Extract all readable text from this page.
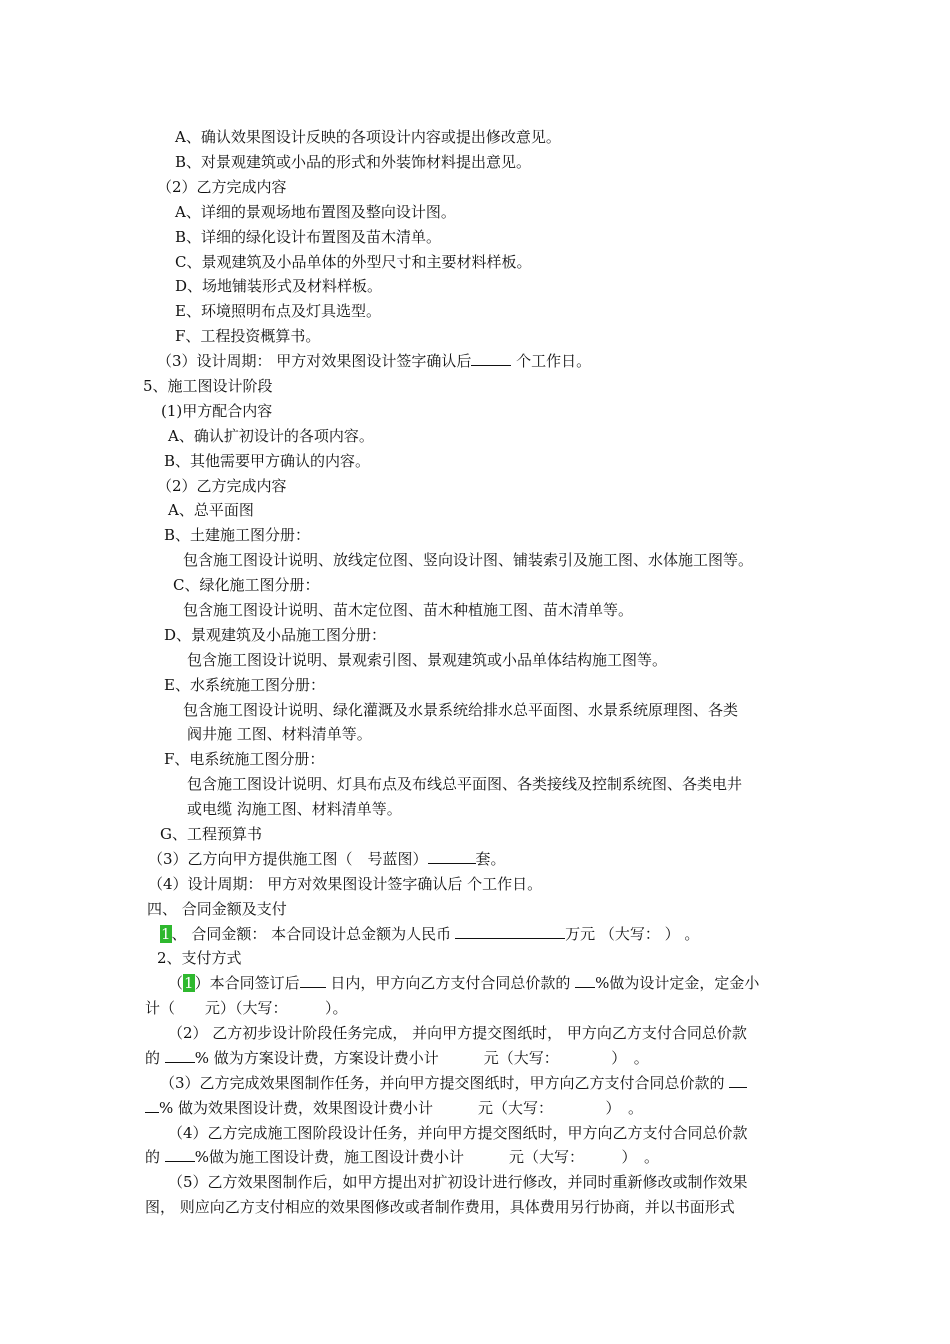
A、确认效果图设计反映的各项设计内容或提出修改意见。
B、对景观建筑或小品的形式和外装饰材料提出意见。
（2）乙方完成内容
A、详细的景观场地布置图及整向设计图。
B、详细的绿化设计布置图及苗木清单。
C、景观建筑及小品单体的外型尺寸和主要材料样板。
D、场地铺装形式及材料样板。
E、环境照明布点及灯具选型。
F、工程投资概算书。
（3）设计周期： 甲方对效果图设计签字确认后	个工作日。
5、施工图设计阶段
(1)甲方配合内容
A、确认扩初设计的各项内容。
B、其他需要甲方确认的内容。
（2）乙方完成内容
A、总平面图
B、土建施工图分册：
包含施工图设计说明、放线定位图、竖向设计图、铺装索引及施工图、水体施工图等。
C、绿化施工图分册：
包含施工图设计说明、苗木定位图、苗木种植施工图、苗木清单等。
D、景观建筑及小品施工图分册：
包含施工图设计说明、景观索引图、景观建筑或小品单体结构施工图等。
E、水系统施工图分册：
包含施工图设计说明、绿化灌溉及水景系统给排水总平面图、水景系统原理图、各类
阀井施 工图、材料清单等。
F、电系统施工图分册：
包含施工图设计说明、灯具布点及布线总平面图、各类接线及控制系统图、各类电井
或电缆 沟施工图、材料清单等。
G、工程预算书
（3）乙方向甲方提供施工图（　号蓝图）	套。
（4）设计周期： 甲方对效果图设计签字确认后 个工作日。
四、 合同金额及支付
1、 合同金额： 本合同设计总金额为人民币	万元 （大写： ） 。
2、支付方式
（1）本合同签订后 日内，甲方向乙方支付合同总价款的 %做为设计定金，定金小
计（　　元）（大写：　　　）。
（2） 乙方初步设计阶段任务完成， 并向甲方提交图纸时， 甲方向乙方支付合同总价款
的 % 做为方案设计费，方案设计费小计　　　元（大写：　　　　）　。
（3）乙方完成效果图制作任务，并向甲方提交图纸时，甲方向乙方支付合同总价款的
% 做为效果图设计费，效果图设计费小计　　　元（大写：　　　　）　。
（4）乙方完成施工图阶段设计任务，并向甲方提交图纸时，甲方向乙方支付合同总价款
的 %做为施工图设计费，施工图设计费小计　　　元（大写：　　　）　。
（5）乙方效果图制作后，如甲方提出对扩初设计进行修改，并同时重新修改或制作效果
图， 则应向乙方支付相应的效果图修改或者制作费用，具体费用另行协商，并以书面形式
